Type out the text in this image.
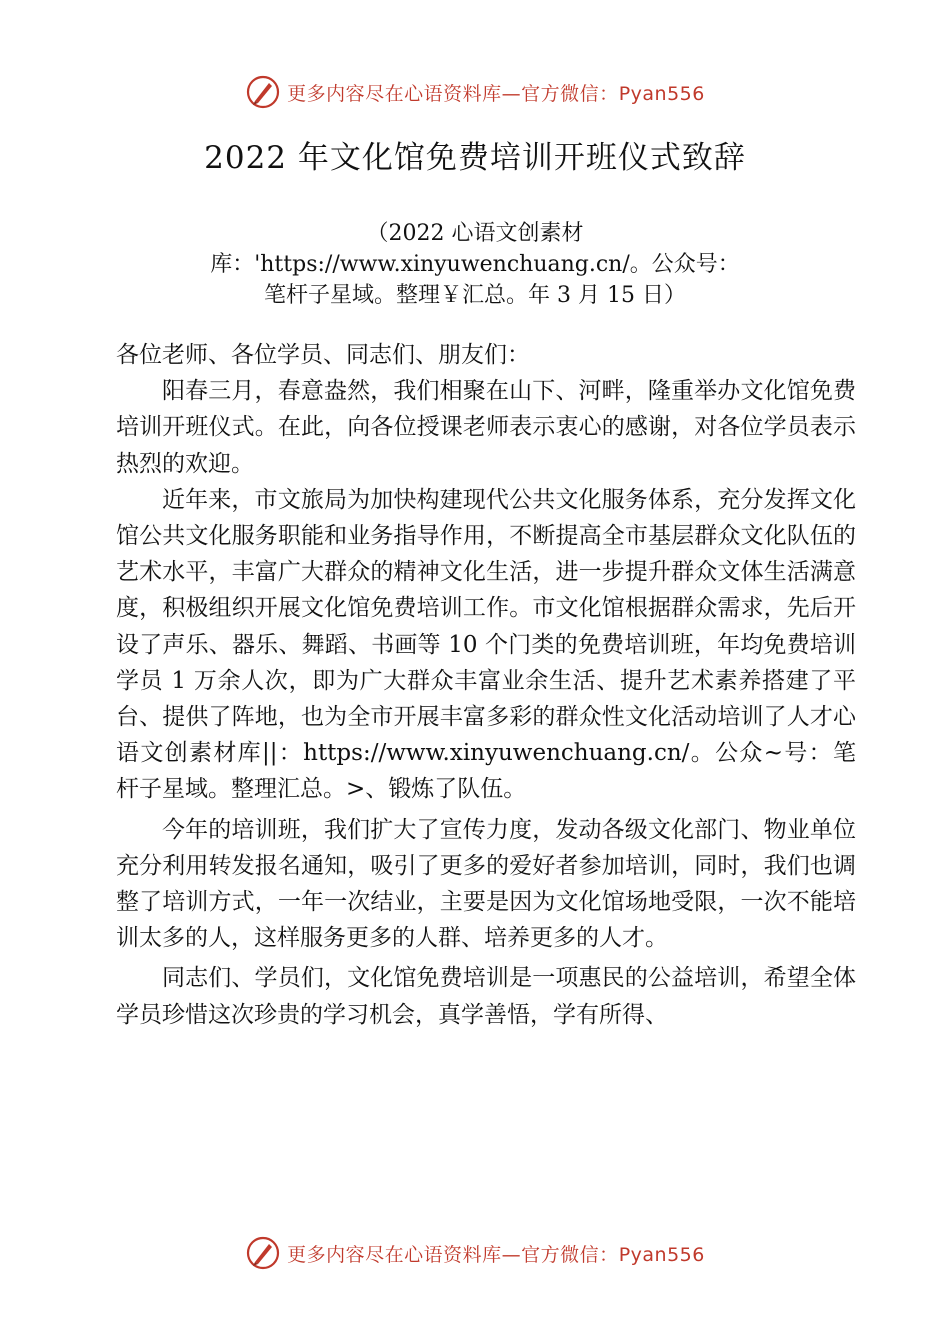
更多内容尽在心语资料库—官方微信：Pyan556
2022 年文化馆免费培训开班仪式致辞
（2022 心语文创素材
库：'https://www.xinyuwenchuang.cn/。公众号：
笔杆子星域。整理￥汇总。年 3 月 15 日）

各位老师、各位学员、同志们、朋友们：

阳春三月，春意盎然，我们相聚在山下、河畔，隆重举办文化馆免费培训开班仪式。在此，向各位授课老师表示衷心的感谢，对各位学员表示热烈的欢迎。

近年来，市文旅局为加快构建现代公共文化服务体系，充分发挥文化馆公共文化服务职能和业务指导作用，不断提高全市基层群众文化队伍的艺术水平，丰富广大群众的精神文化生活，进一步提升群众文体生活满意度，积极组织开展文化馆免费培训工作。市文化馆根据群众需求，先后开设了声乐、器乐、舞蹈、书画等 10 个门类的免费培训班，年均免费培训学员 1 万余人次，即为广大群众丰富业余生活、提升艺术素养搭建了平台、提供了阵地，也为全市开展丰富多彩的群众性文化活动培训了人才心语文创素材库||：https://www.xinyuwenchuang.cn/。公众~号：笔杆子星域。整理汇总。>、锻炼了队伍。

今年的培训班，我们扩大了宣传力度，发动各级文化部门、物业单位充分利用转发报名通知，吸引了更多的爱好者参加培训，同时，我们也调整了培训方式，一年一次结业，主要是因为文化馆场地受限，一次不能培训太多的人，这样服务更多的人群、培养更多的人才。

同志们、学员们，文化馆免费培训是一项惠民的公益培训，希望全体学员珍惜这次珍贵的学习机会，真学善悟，学有所得、

更多内容尽在心语资料库—官方微信：Pyan556
